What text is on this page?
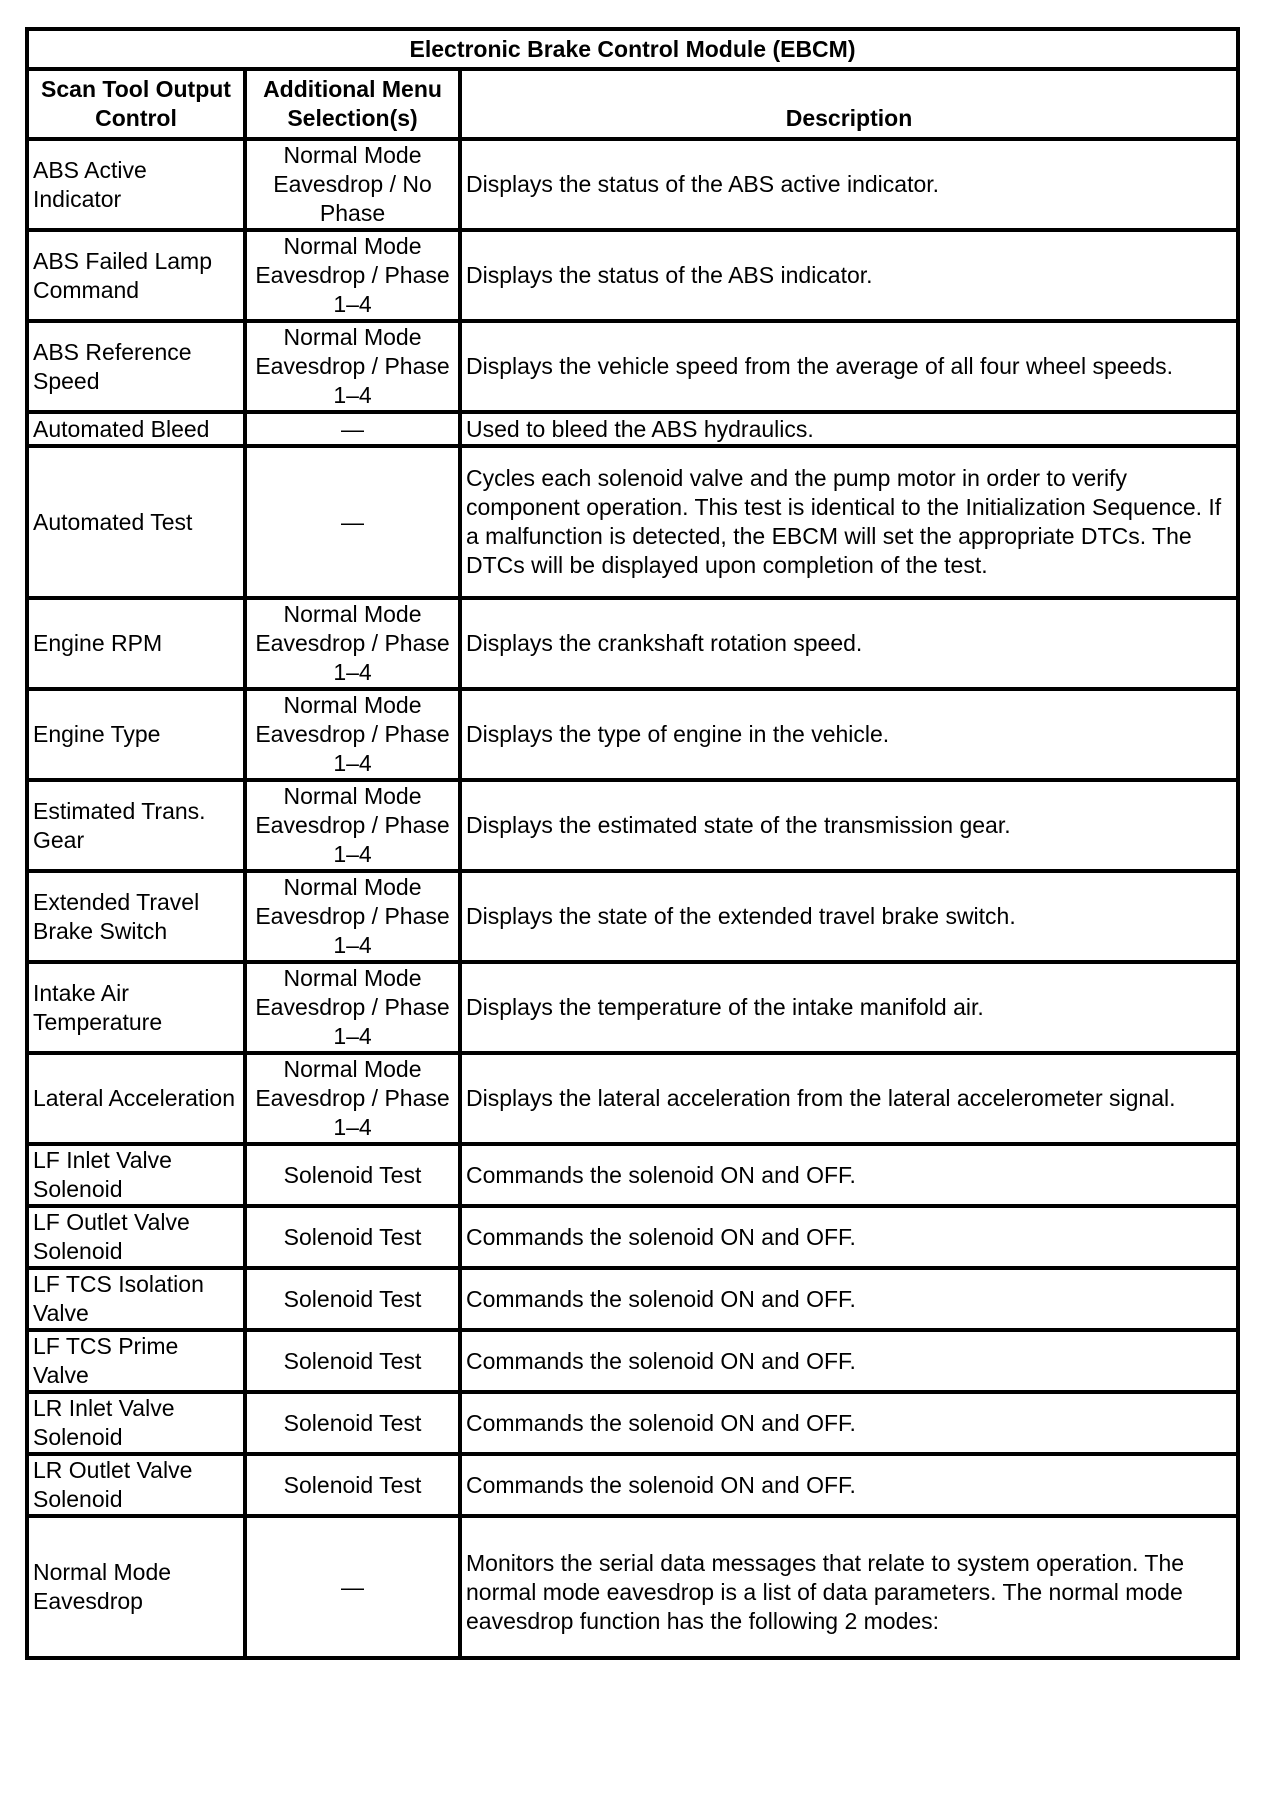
Electronic Brake Control Module (EBCM)		
Scan Tool Output Control	Additional Menu Selection(s)	Description
ABS Active Indicator	Normal Mode Eavesdrop / No Phase	Displays the status of the ABS active indicator.
ABS Failed Lamp Command	Normal Mode Eavesdrop / Phase 1–4	Displays the status of the ABS indicator.
ABS Reference Speed	Normal Mode Eavesdrop / Phase 1–4	Displays the vehicle speed from the average of all four wheel speeds.
Automated Bleed	—	Used to bleed the ABS hydraulics.
Automated Test	—	Cycles each solenoid valve and the pump motor in order to verify component operation. This test is identical to the Initialization Sequence. If a malfunction is detected, the EBCM will set the appropriate DTCs. The DTCs will be displayed upon completion of the test.
Engine RPM	Normal Mode Eavesdrop / Phase 1–4	Displays the crankshaft rotation speed.
Engine Type	Normal Mode Eavesdrop / Phase 1–4	Displays the type of engine in the vehicle.
Estimated Trans. Gear	Normal Mode Eavesdrop / Phase 1–4	Displays the estimated state of the transmission gear.
Extended Travel Brake Switch	Normal Mode Eavesdrop / Phase 1–4	Displays the state of the extended travel brake switch.
Intake Air Temperature	Normal Mode Eavesdrop / Phase 1–4	Displays the temperature of the intake manifold air.
Lateral Acceleration	Normal Mode Eavesdrop / Phase 1–4	Displays the lateral acceleration from the lateral accelerometer signal.
LF Inlet Valve Solenoid	Solenoid Test	Commands the solenoid ON and OFF.
LF Outlet Valve Solenoid	Solenoid Test	Commands the solenoid ON and OFF.
LF TCS Isolation Valve	Solenoid Test	Commands the solenoid ON and OFF.
LF TCS Prime Valve	Solenoid Test	Commands the solenoid ON and OFF.
LR Inlet Valve Solenoid	Solenoid Test	Commands the solenoid ON and OFF.
LR Outlet Valve Solenoid	Solenoid Test	Commands the solenoid ON and OFF.
Normal Mode Eavesdrop	—	Monitors the serial data messages that relate to system operation. The normal mode eavesdrop is a list of data parameters. The normal mode eavesdrop function has the following 2 modes:
